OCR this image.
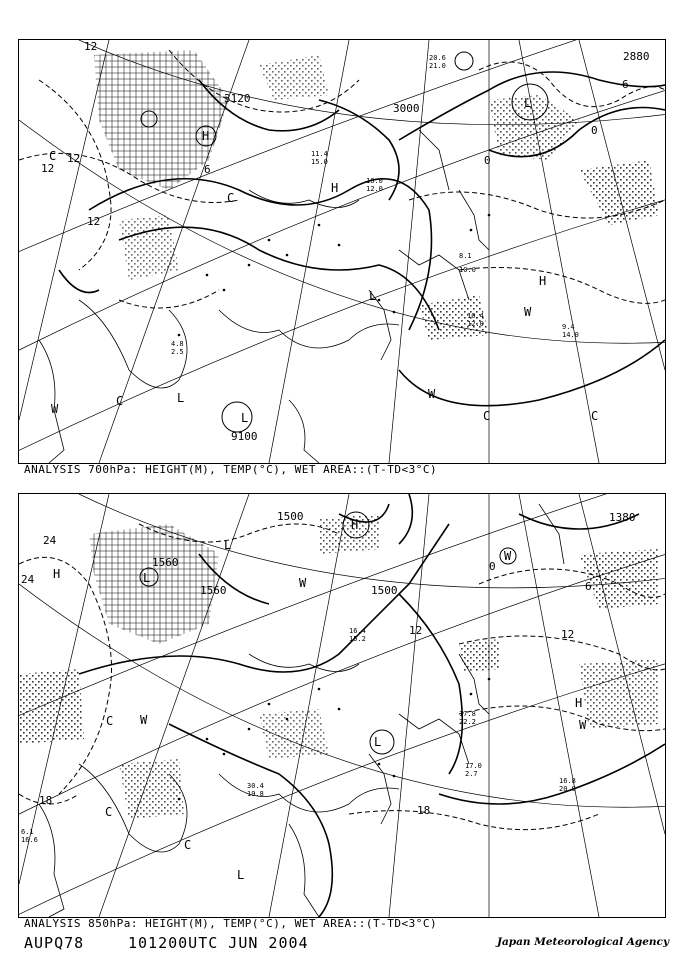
L
L
L
L
H
H
H
W
W
W
C
C	C
C
C
3000
3120
9100
12
12
12
12
0
0
6
6
2880
11.4
15.0
18.0
12.0
10.4
12.0	9.4
14.0
20.6
21.0
8.1
10.0
4.8
2.5
ANALYSIS 700hPa: HEIGHT(M), TEMP(°C), WET AREA::(T-TD<3°C)
L
L
L
L
H
H
H
W
W	W
W
C
C
C
1500
1500
1560
1560
1380
24
24
18
18
12
12
6
0
17.0
2.7
16.8
20.0
17.8
22.2
16.4
15.2
30.4
19.8
6.1
16.6
ANALYSIS 850hPa: HEIGHT(M), TEMP(°C), WET AREA::(T-TD<3°C)
AUPQ78	101200UTC JUN 2004	Japan Meteorological Agency
